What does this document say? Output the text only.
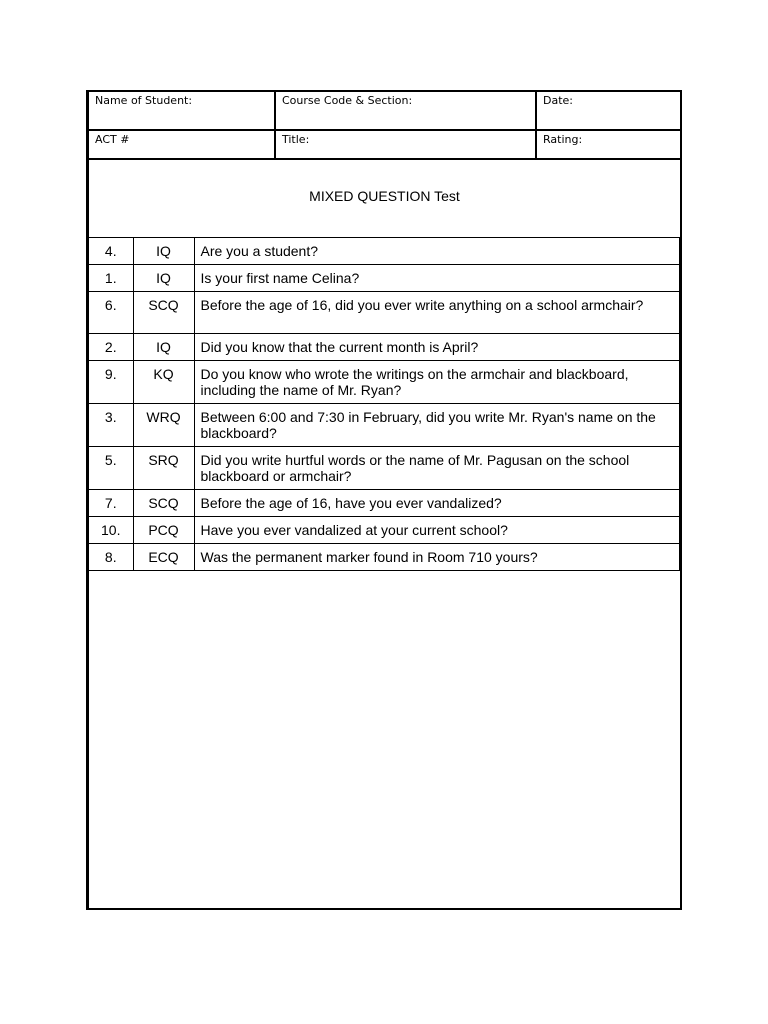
Name of Student:	Course Code & Section:	Date:
ACT #	Title:	Rating:
MIXED QUESTION Test
4.	IQ	Are you a student?
1.	IQ	Is your first name Celina?
6.	SCQ	Before the age of 16, did you ever write anything on a school armchair?
2.	IQ	Did you know that the current month is April?
9.	KQ	Do you know who wrote the writings on the armchair and blackboard, including the name of Mr. Ryan?
3.	WRQ	Between 6:00 and 7:30 in February, did you write Mr. Ryan's name on the blackboard?
5.	SRQ	Did you write hurtful words or the name of Mr. Pagusan on the school blackboard or armchair?
7.	SCQ	Before the age of 16, have you ever vandalized?
10.	PCQ	Have you ever vandalized at your current school?
8.	ECQ	Was the permanent marker found in Room 710 yours?
